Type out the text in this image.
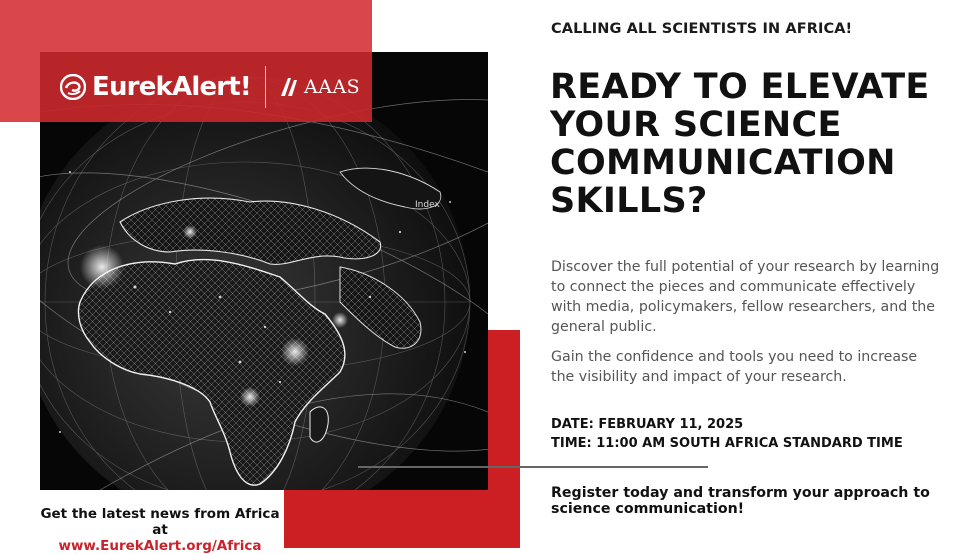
EurekAlert!	AAAS
Index
CALLING ALL SCIENTISTS IN AFRICA!
READY TO ELEVATE YOUR SCIENCE COMMUNICATION SKILLS?
Discover the full potential of your research by learning to connect the pieces and communicate effectively with media, policymakers, fellow researchers, and the general public.
Gain the confidence and tools you need to increase the visibility and impact of your research.
DATE: FEBRUARY 11, 2025
TIME: 11:00 AM SOUTH AFRICA STANDARD TIME
Register today and transform your approach to science communication!
Get the latest news from Africa at
www.EurekAlert.org/Africa
